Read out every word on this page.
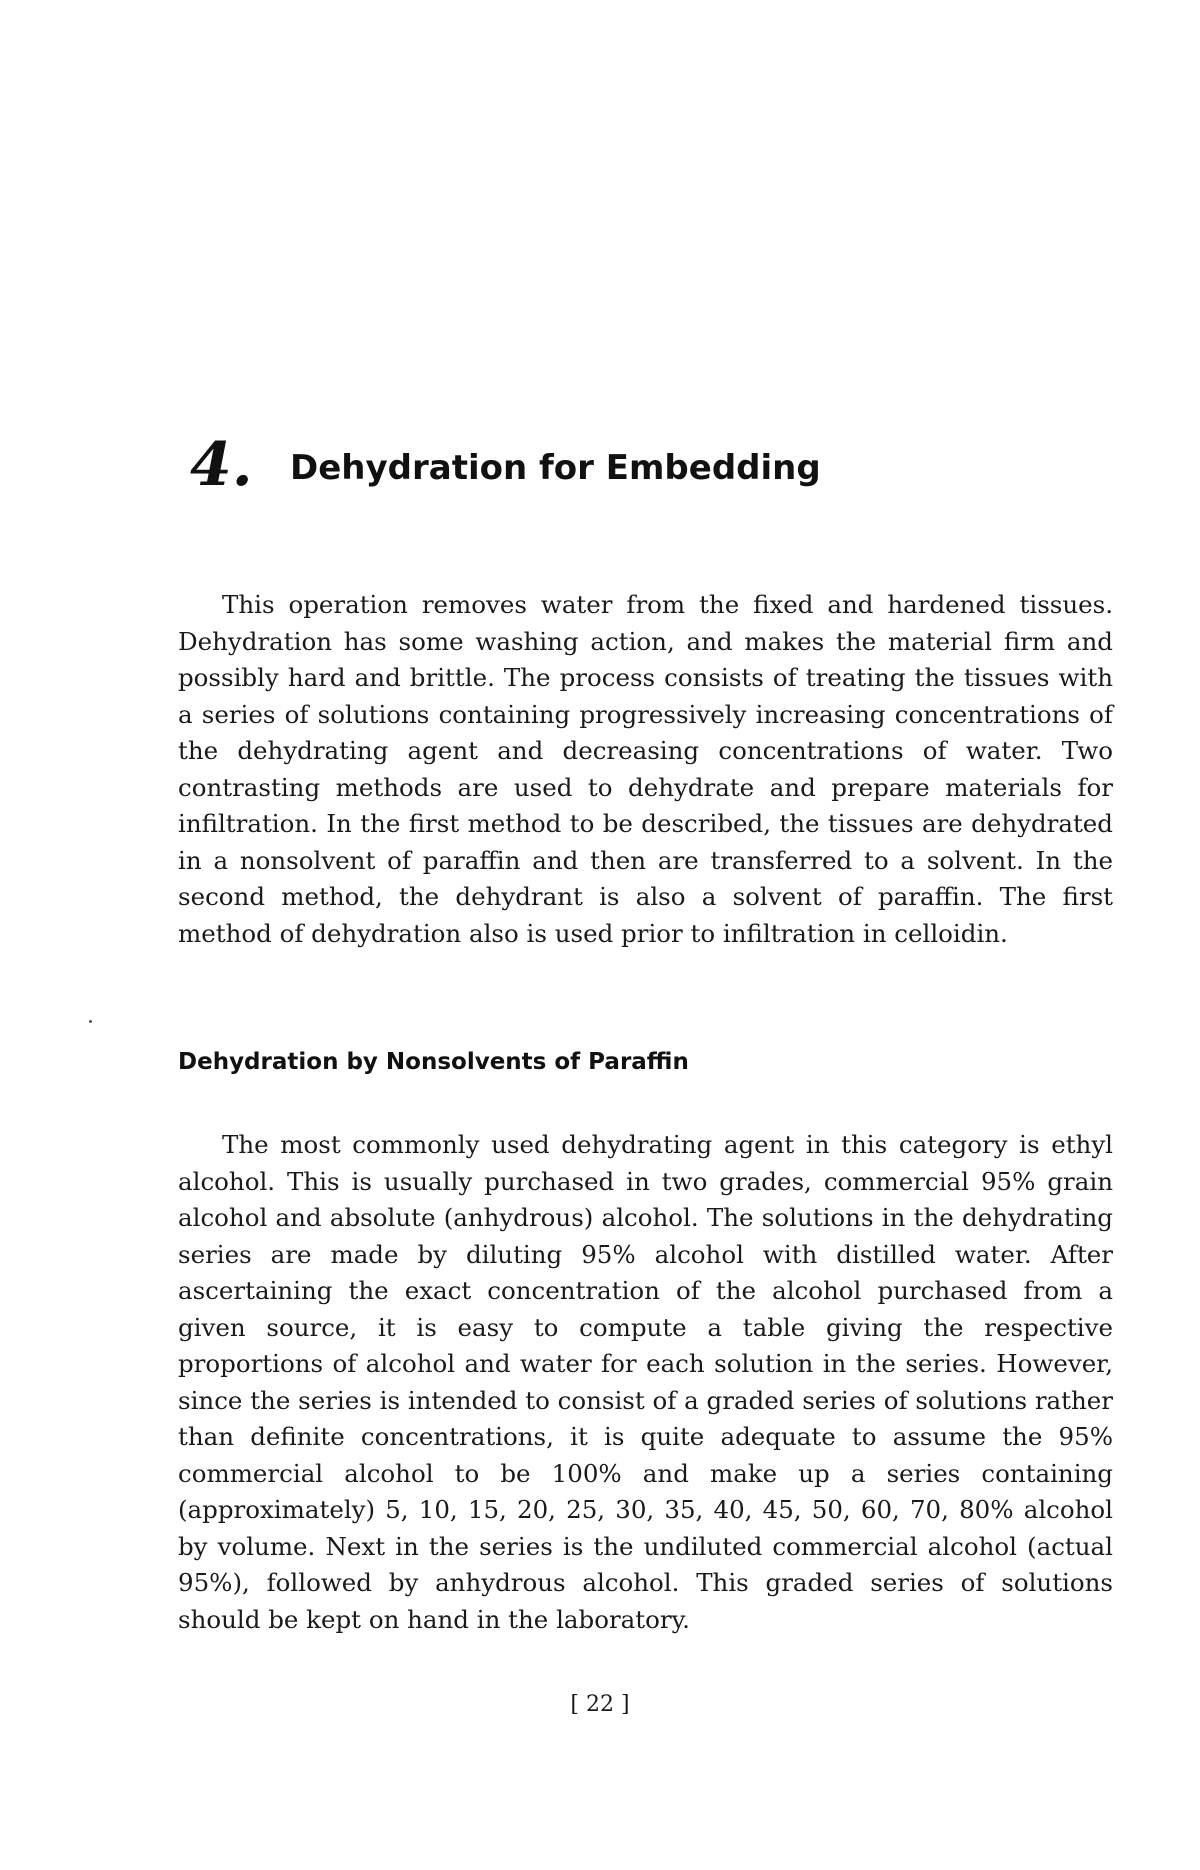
4. Dehydration for Embedding

This operation removes water from the fixed and hardened tissues. Dehydration has some washing action, and makes the material firm and possibly hard and brittle. The process consists of treating the tissues with a series of solutions containing progressively increasing concentrations of the dehydrating agent and decreasing concentrations of water. Two contrasting methods are used to dehydrate and prepare materials for infiltration. In the first method to be described, the tissues are dehydrated in a nonsolvent of paraffin and then are transferred to a solvent. In the second method, the dehydrant is also a solvent of paraffin. The first method of dehydration also is used prior to infiltration in celloidin.

Dehydration by Nonsolvents of Paraffin

The most commonly used dehydrating agent in this category is ethyl alcohol. This is usually purchased in two grades, commercial 95% grain alcohol and absolute (anhydrous) alcohol. The solutions in the dehydrating series are made by diluting 95% alcohol with distilled water. After ascertaining the exact concentration of the alcohol purchased from a given source, it is easy to compute a table giving the respective proportions of alcohol and water for each solution in the series. However, since the series is intended to consist of a graded series of solutions rather than definite concentrations, it is quite adequate to assume the 95% commercial alcohol to be 100% and make up a series containing (approximately) 5, 10, 15, 20, 25, 30, 35, 40, 45, 50, 60, 70, 80% alcohol by volume. Next in the series is the undiluted commercial alcohol (actual 95%), followed by anhydrous alcohol. This graded series of solutions should be kept on hand in the laboratory.

[ 22 ]
